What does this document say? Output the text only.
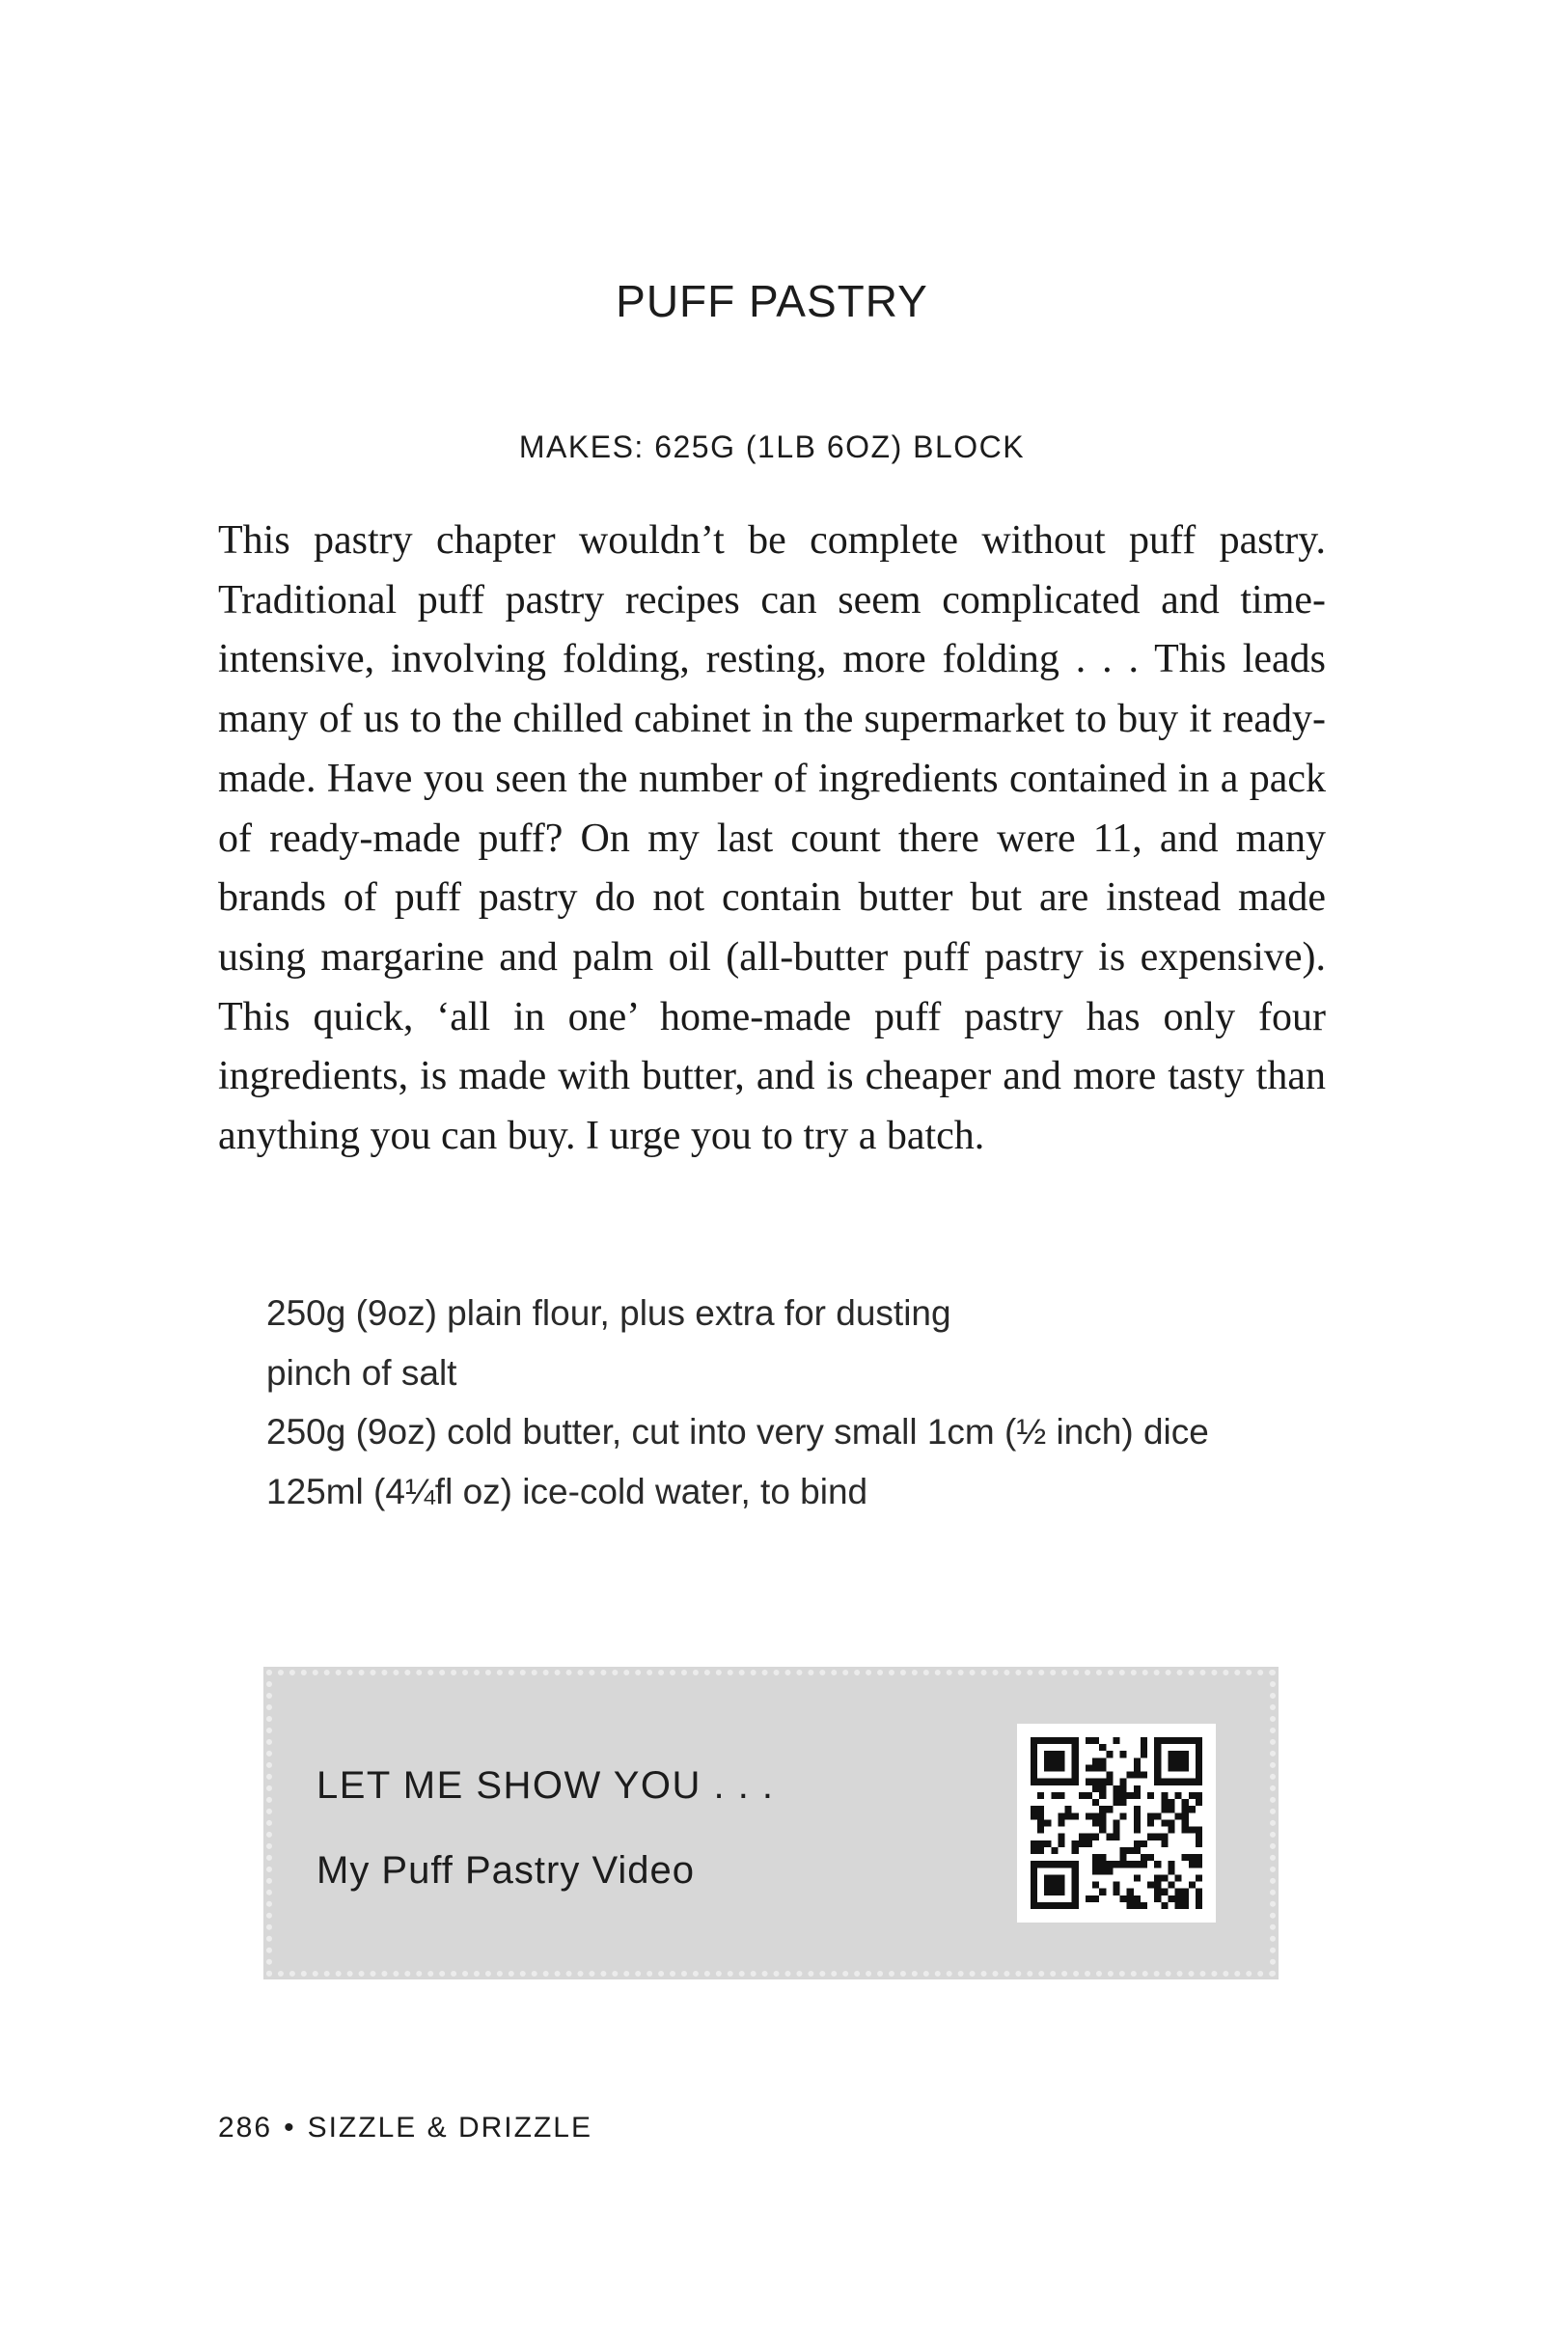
PUFF PASTRY
MAKES: 625G (1LB 6OZ) BLOCK

This pastry chapter wouldn’t be complete without puff pastry. Traditional puff pastry recipes can seem complicated and time-intensive, involving folding, resting, more folding . . . This leads many of us to the chilled cabinet in the supermarket to buy it ready-made. Have you seen the number of ingredients contained in a pack of ready-made puff? On my last count there were 11, and many brands of puff pastry do not contain butter but are instead made using margarine and palm oil (all-butter puff pastry is expensive). This quick, ‘all in one’ home-made puff pastry has only four ingredients, is made with butter, and is cheaper and more tasty than anything you can buy. I urge you to try a batch.

250g (9oz) plain flour, plus extra for dusting
pinch of salt
250g (9oz) cold butter, cut into very small 1cm (½ inch) dice
125ml (4¼fl oz) ice-cold water, to bind
LET ME SHOW YOU . . .
My Puff Pastry Video
286 • SIZZLE & DRIZZLE
